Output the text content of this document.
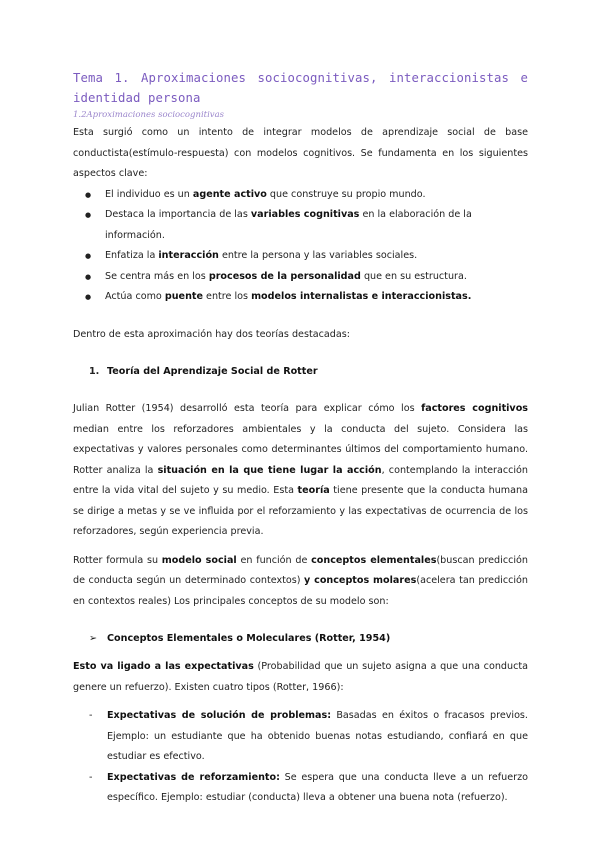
Tema 1. Aproximaciones sociocognitivas, interaccionistas e
identidad persona
1.2Aproximaciones sociocognitivas

Esta surgió como un intento de integrar modelos de aprendizaje social de base conductista(estímulo-respuesta) con modelos cognitivos. Se fundamenta en los siguientes aspectos clave:

● El individuo es un agente activo que construye su propio mundo.
● Destaca la importancia de las variables cognitivas en la elaboración de la información.
● Enfatiza la interacción entre la persona y las variables sociales.
● Se centra más en los procesos de la personalidad que en su estructura.
● Actúa como puente entre los modelos internalistas e interaccionistas.

Dentro de esta aproximación hay dos teorías destacadas:

1. Teoría del Aprendizaje Social de Rotter

Julian Rotter (1954) desarrolló esta teoría para explicar cómo los factores cognitivos median entre los reforzadores ambientales y la conducta del sujeto. Considera las expectativas y valores personales como determinantes últimos del comportamiento humano. Rotter analiza la situación en la que tiene lugar la acción, contemplando la interacción entre la vida vital del sujeto y su medio. Esta teoría tiene presente que la conducta humana se dirige a metas y se ve influida por el reforzamiento y las expectativas de ocurrencia de los reforzadores, según experiencia previa.

Rotter formula su modelo social en función de conceptos elementales(buscan predicción de conducta según un determinado contextos) y conceptos molares(acelera tan predicción en contextos reales) Los principales conceptos de su modelo son:

➢ Conceptos Elementales o Moleculares (Rotter, 1954)

Esto va ligado a las expectativas (Probabilidad que un sujeto asigna a que una conducta genere un refuerzo). Existen cuatro tipos (Rotter, 1966):

- Expectativas de solución de problemas: Basadas en éxitos o fracasos previos. Ejemplo: un estudiante que ha obtenido buenas notas estudiando, confiará en que estudiar es efectivo.
- Expectativas de reforzamiento: Se espera que una conducta lleve a un refuerzo específico. Ejemplo: estudiar (conducta) lleva a obtener una buena nota (refuerzo).
